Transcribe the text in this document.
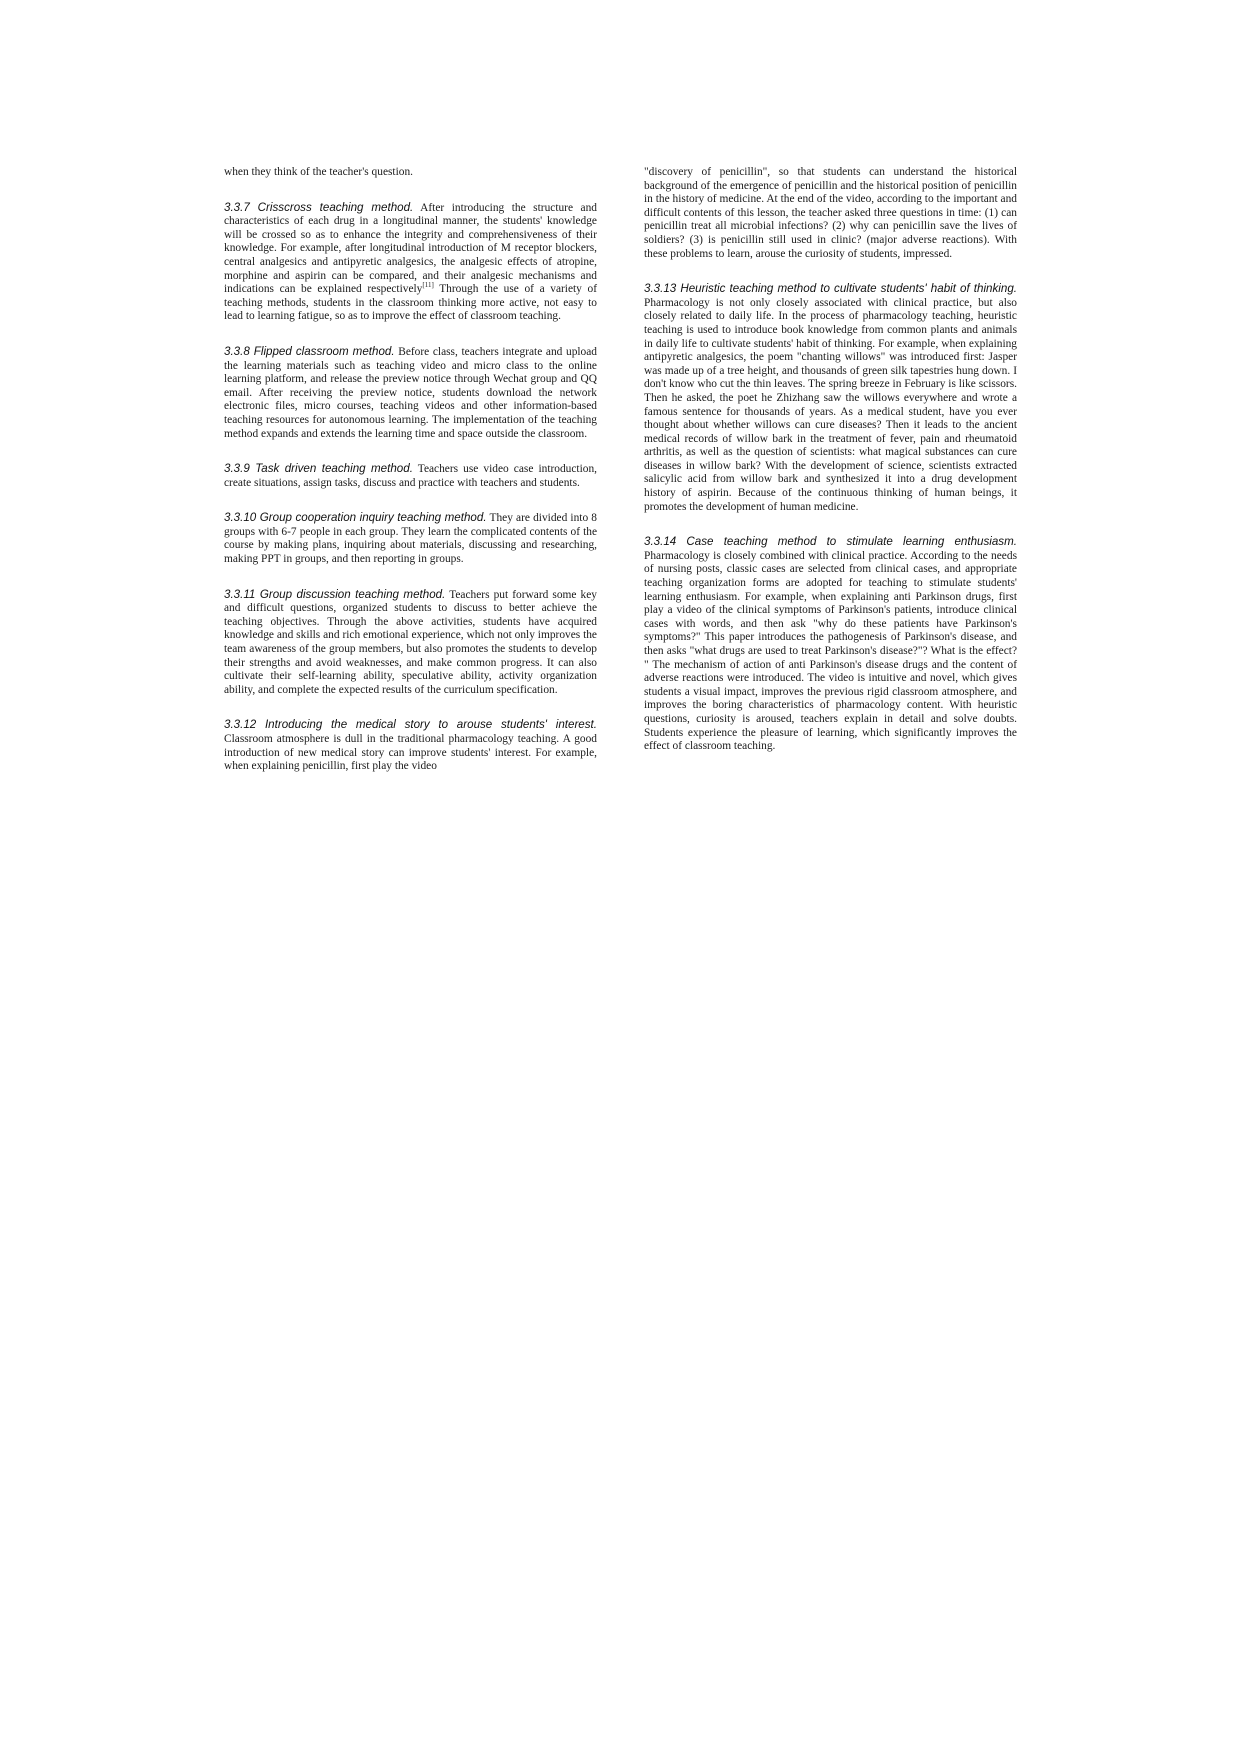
when they think of the teacher's question.

3.3.7 Crisscross teaching method. After introducing the structure and characteristics of each drug in a longitudinal manner, the students' knowledge will be crossed so as to enhance the integrity and comprehensiveness of their knowledge. For example, after longitudinal introduction of M receptor blockers, central analgesics and antipyretic analgesics, the analgesic effects of atropine, morphine and aspirin can be compared, and their analgesic mechanisms and indications can be explained respectively[11] Through the use of a variety of teaching methods, students in the classroom thinking more active, not easy to lead to learning fatigue, so as to improve the effect of classroom teaching.

3.3.8 Flipped classroom method. Before class, teachers integrate and upload the learning materials such as teaching video and micro class to the online learning platform, and release the preview notice through Wechat group and QQ email. After receiving the preview notice, students download the network electronic files, micro courses, teaching videos and other information-based teaching resources for autonomous learning. The implementation of the teaching method expands and extends the learning time and space outside the classroom.

3.3.9 Task driven teaching method. Teachers use video case introduction, create situations, assign tasks, discuss and practice with teachers and students.

3.3.10 Group cooperation inquiry teaching method. They are divided into 8 groups with 6-7 people in each group. They learn the complicated contents of the course by making plans, inquiring about materials, discussing and researching, making PPT in groups, and then reporting in groups.

3.3.11 Group discussion teaching method. Teachers put forward some key and difficult questions, organized students to discuss to better achieve the teaching objectives. Through the above activities, students have acquired knowledge and skills and rich emotional experience, which not only improves the team awareness of the group members, but also promotes the students to develop their strengths and avoid weaknesses, and make common progress. It can also cultivate their self-learning ability, speculative ability, activity organization ability, and complete the expected results of the curriculum specification.

3.3.12 Introducing the medical story to arouse students' interest. Classroom atmosphere is dull in the traditional pharmacology teaching. A good introduction of new medical story can improve students' interest. For example, when explaining penicillin, first play the video

"discovery of penicillin", so that students can understand the historical background of the emergence of penicillin and the historical position of penicillin in the history of medicine. At the end of the video, according to the important and difficult contents of this lesson, the teacher asked three questions in time: (1) can penicillin treat all microbial infections? (2) why can penicillin save the lives of soldiers? (3) is penicillin still used in clinic? (major adverse reactions). With these problems to learn, arouse the curiosity of students, impressed.

3.3.13 Heuristic teaching method to cultivate students' habit of thinking. Pharmacology is not only closely associated with clinical practice, but also closely related to daily life. In the process of pharmacology teaching, heuristic teaching is used to introduce book knowledge from common plants and animals in daily life to cultivate students' habit of thinking. For example, when explaining antipyretic analgesics, the poem "chanting willows" was introduced first: Jasper was made up of a tree height, and thousands of green silk tapestries hung down. I don't know who cut the thin leaves. The spring breeze in February is like scissors. Then he asked, the poet he Zhizhang saw the willows everywhere and wrote a famous sentence for thousands of years. As a medical student, have you ever thought about whether willows can cure diseases? Then it leads to the ancient medical records of willow bark in the treatment of fever, pain and rheumatoid arthritis, as well as the question of scientists: what magical substances can cure diseases in willow bark? With the development of science, scientists extracted salicylic acid from willow bark and synthesized it into a drug development history of aspirin. Because of the continuous thinking of human beings, it promotes the development of human medicine.

3.3.14 Case teaching method to stimulate learning enthusiasm. Pharmacology is closely combined with clinical practice. According to the needs of nursing posts, classic cases are selected from clinical cases, and appropriate teaching organization forms are adopted for teaching to stimulate students' learning enthusiasm. For example, when explaining anti Parkinson drugs, first play a video of the clinical symptoms of Parkinson's patients, introduce clinical cases with words, and then ask "why do these patients have Parkinson's symptoms?" This paper introduces the pathogenesis of Parkinson's disease, and then asks "what drugs are used to treat Parkinson's disease?"? What is the effect? " The mechanism of action of anti Parkinson's disease drugs and the content of adverse reactions were introduced. The video is intuitive and novel, which gives students a visual impact, improves the previous rigid classroom atmosphere, and improves the boring characteristics of pharmacology content. With heuristic questions, curiosity is aroused, teachers explain in detail and solve doubts. Students experience the pleasure of learning, which significantly improves the effect of classroom teaching.
